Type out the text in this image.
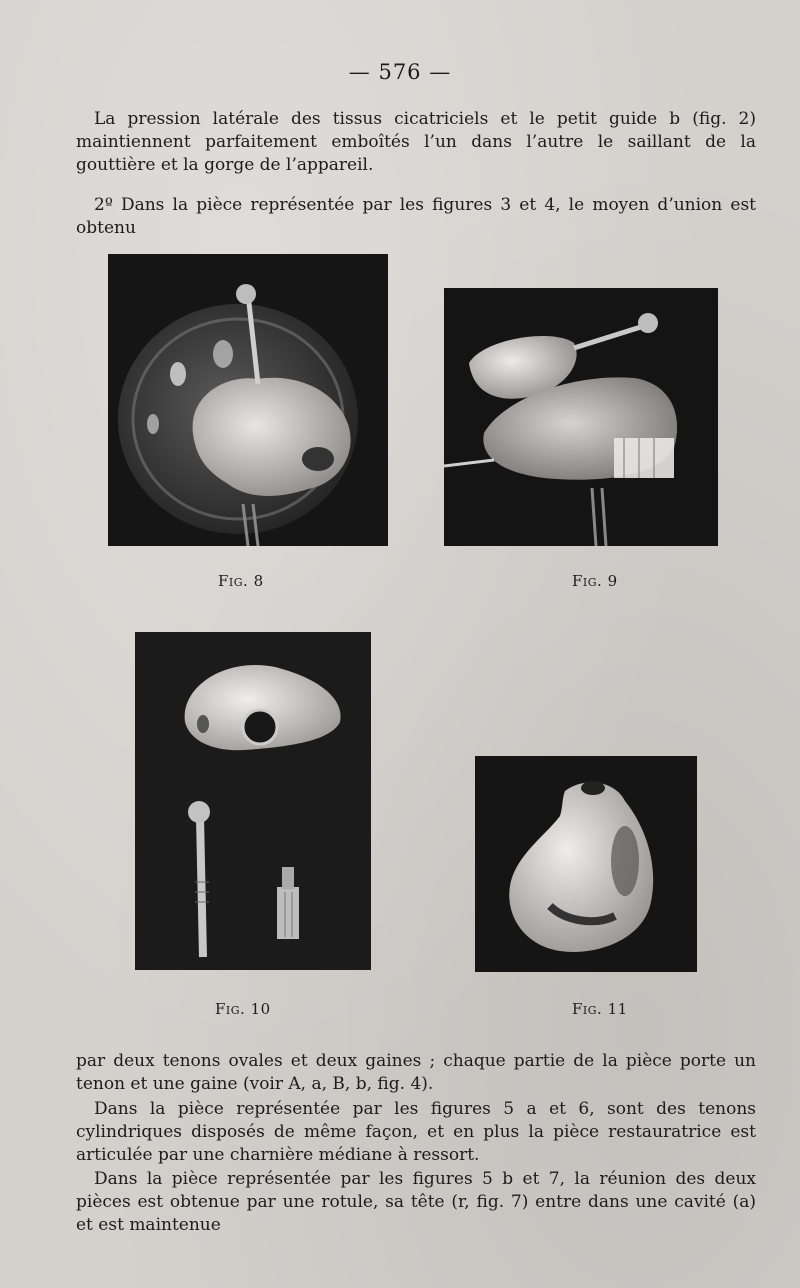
— 576 —

La pression latérale des tissus cicatriciels et le petit guide b (fig. 2) maintiennent parfaitement emboîtés l’un dans l’autre le saillant de la gouttière et la gorge de l’appareil.

2º Dans la pièce représentée par les figures 3 et 4, le moyen d’union est obtenu

Fig. 8	Fig. 9
Fig. 10	Fig. 11

par deux tenons ovales et deux gaines ; chaque partie de la pièce porte un tenon et une gaine (voir A, a, B, b, fig. 4).

Dans la pièce représentée par les figures 5 a et 6, sont des tenons cylindriques disposés de même façon, et en plus la pièce restauratrice est articulée par une charnière médiane à ressort.

Dans la pièce représentée par les figures 5 b et 7, la réunion des deux pièces est obtenue par une rotule, sa tête (r, fig. 7) entre dans une cavité (a) et est maintenue
